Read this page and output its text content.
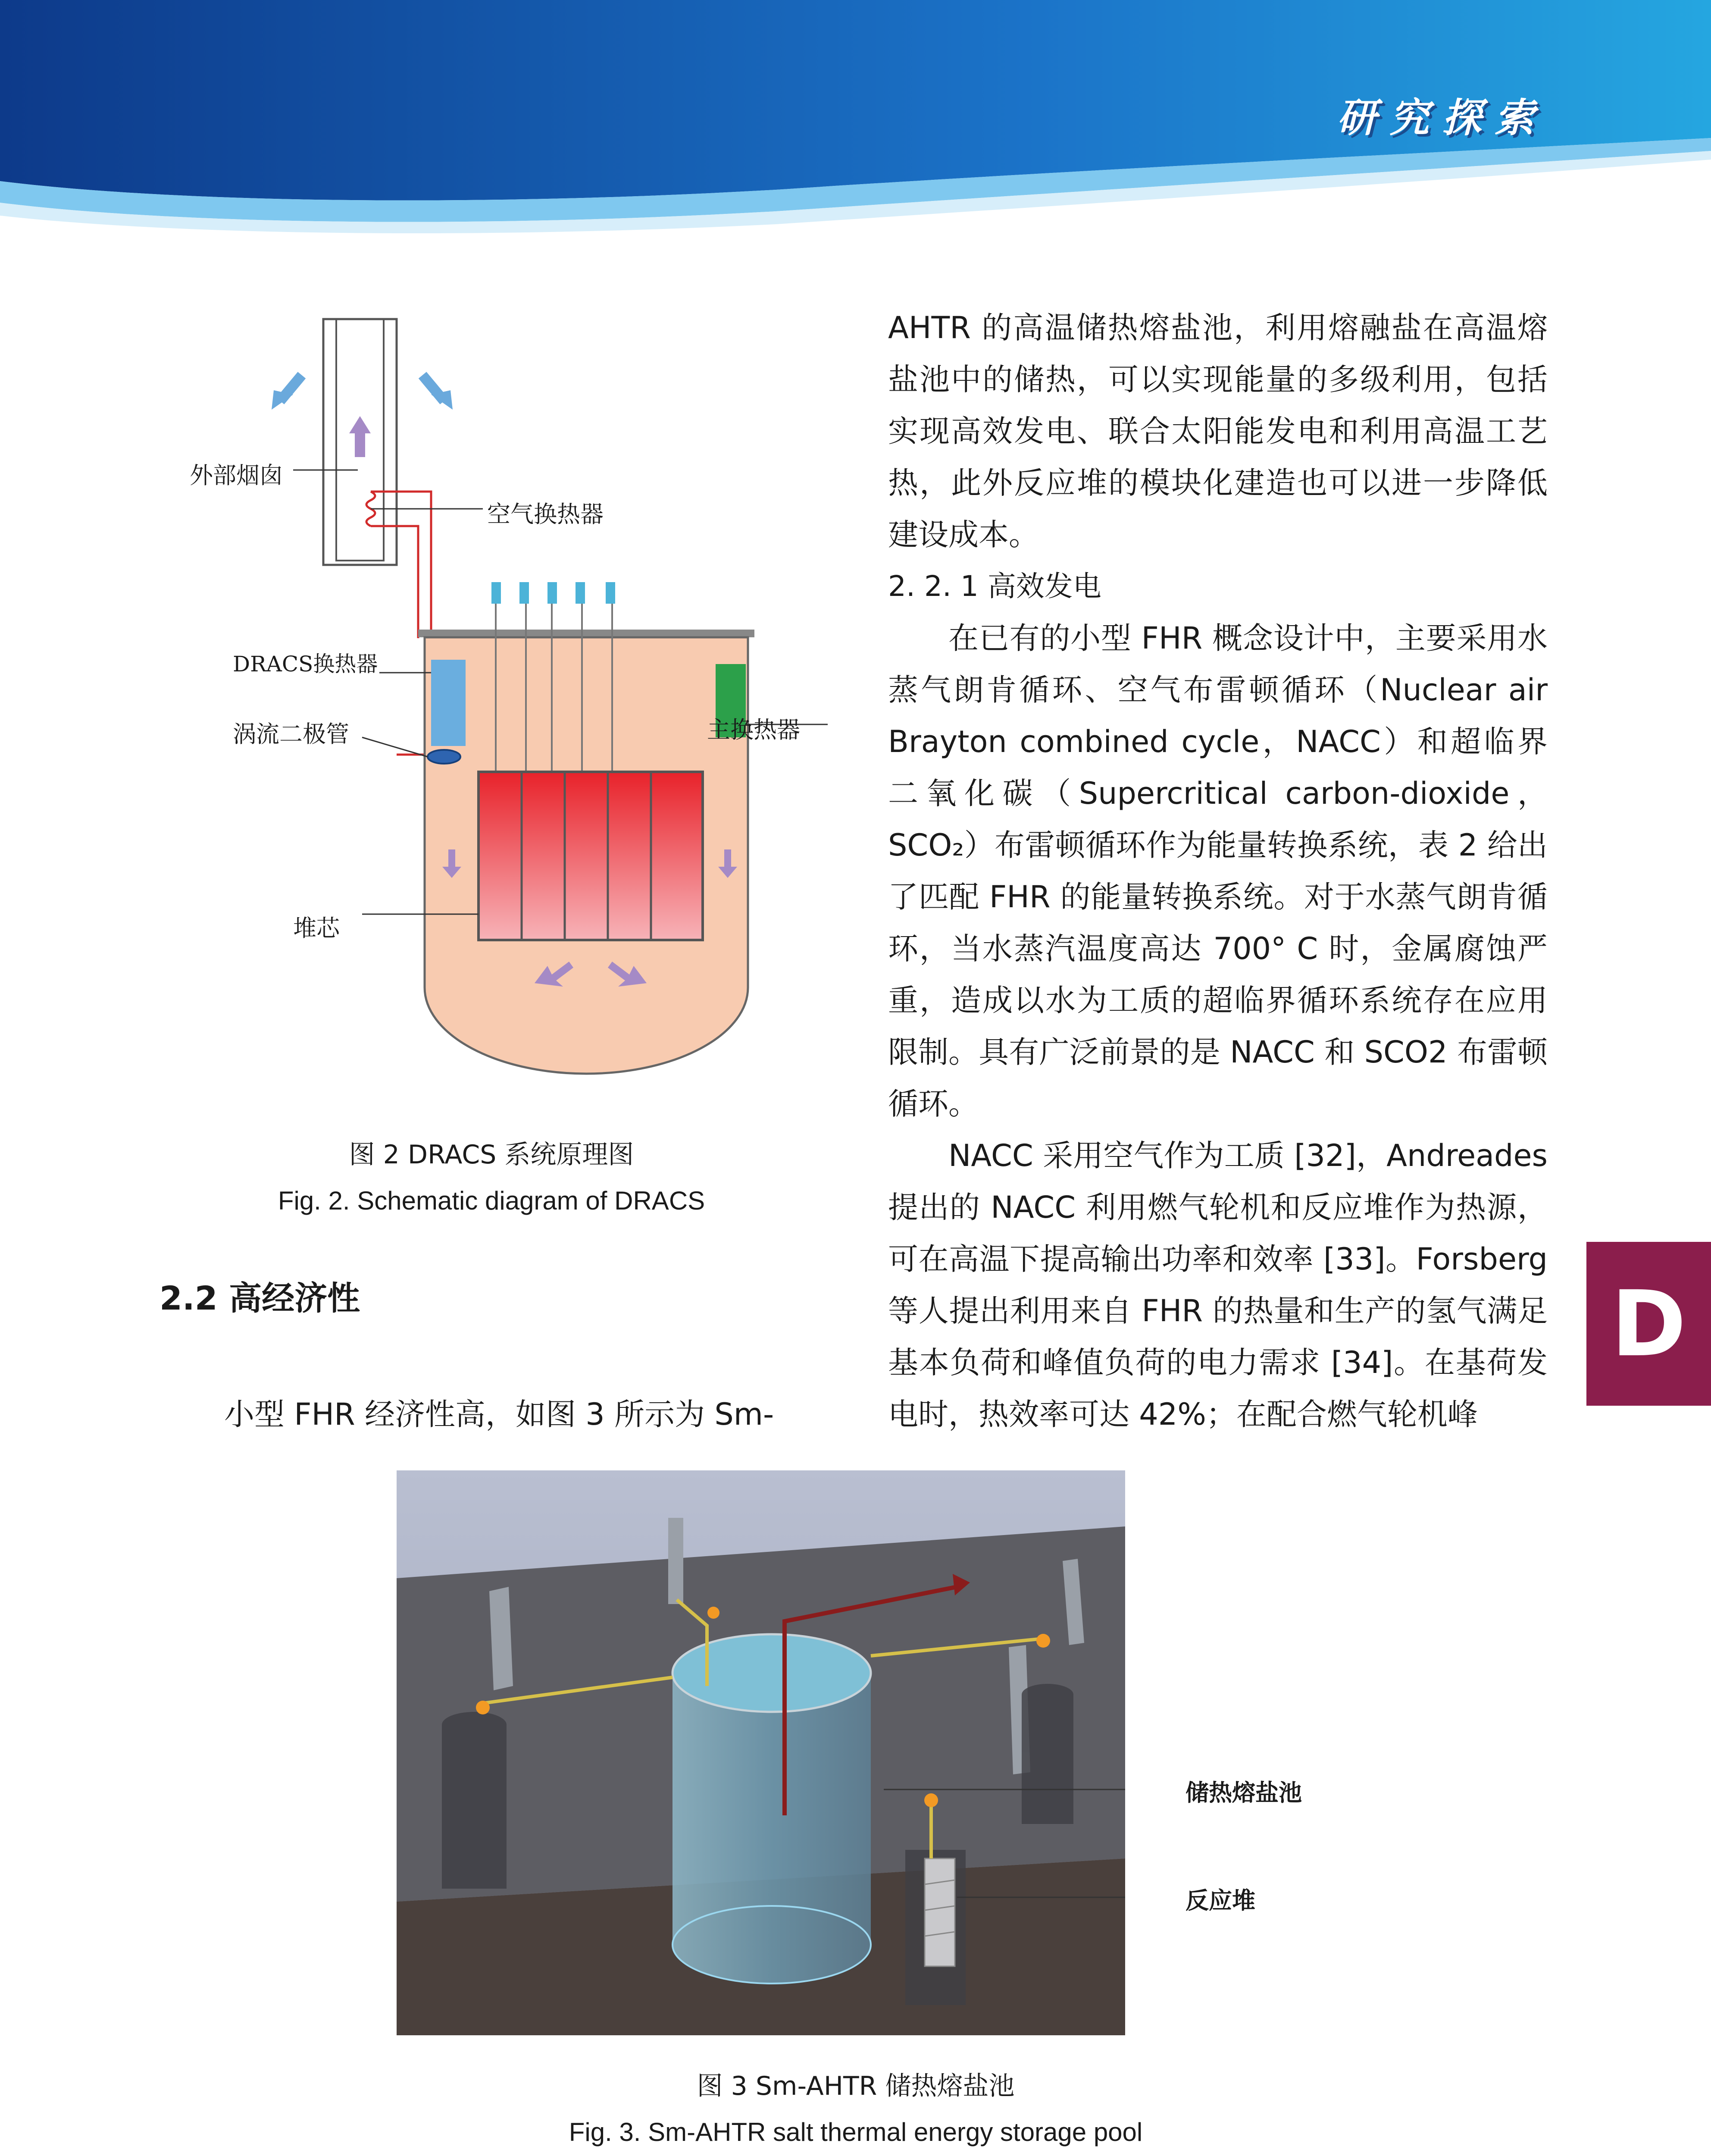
研究探索
外部烟囱
空气换热器
DRACS换热器
涡流二极管	主换热器
堆芯
图 2 DRACS 系统原理图
Fig. 2. Schematic diagram of DRACS
2.2 高经济性

小型 FHR 经济性高，如图 3 所示为 Sm-

AHTR 的高温储热熔盐池，利用熔融盐在高温熔盐池中的储热，可以实现能量的多级利用，包括实现高效发电、联合太阳能发电和利用高温工艺热，此外反应堆的模块化建造也可以进一步降低建设成本。

2. 2. 1 高效发电

在已有的小型 FHR 概念设计中，主要采用水蒸气朗肯循环、空气布雷顿循环（Nuclear air Brayton combined cycle，NACC）和超临界二氧化碳（Supercritical carbon-dioxide，SCO₂）布雷顿循环作为能量转换系统，表 2 给出了匹配 FHR 的能量转换系统。对于水蒸气朗肯循环，当水蒸汽温度高达 700° C 时，金属腐蚀严重，造成以水为工质的超临界循环系统存在应用限制。具有广泛前景的是 NACC 和 SCO2 布雷顿循环。

NACC 采用空气作为工质 [32]，Andreades 提出的 NACC 利用燃气轮机和反应堆作为热源，可在高温下提高输出功率和效率 [33]。Forsberg 等人提出利用来自 FHR 的热量和生产的氢气满足基本负荷和峰值负荷的电力需求 [34]。在基荷发电时，热效率可达 42%；在配合燃气轮机峰

D
储热熔盐池
反应堆
图 3 Sm-AHTR 储热熔盐池
Fig. 3. Sm-AHTR salt thermal energy storage pool
